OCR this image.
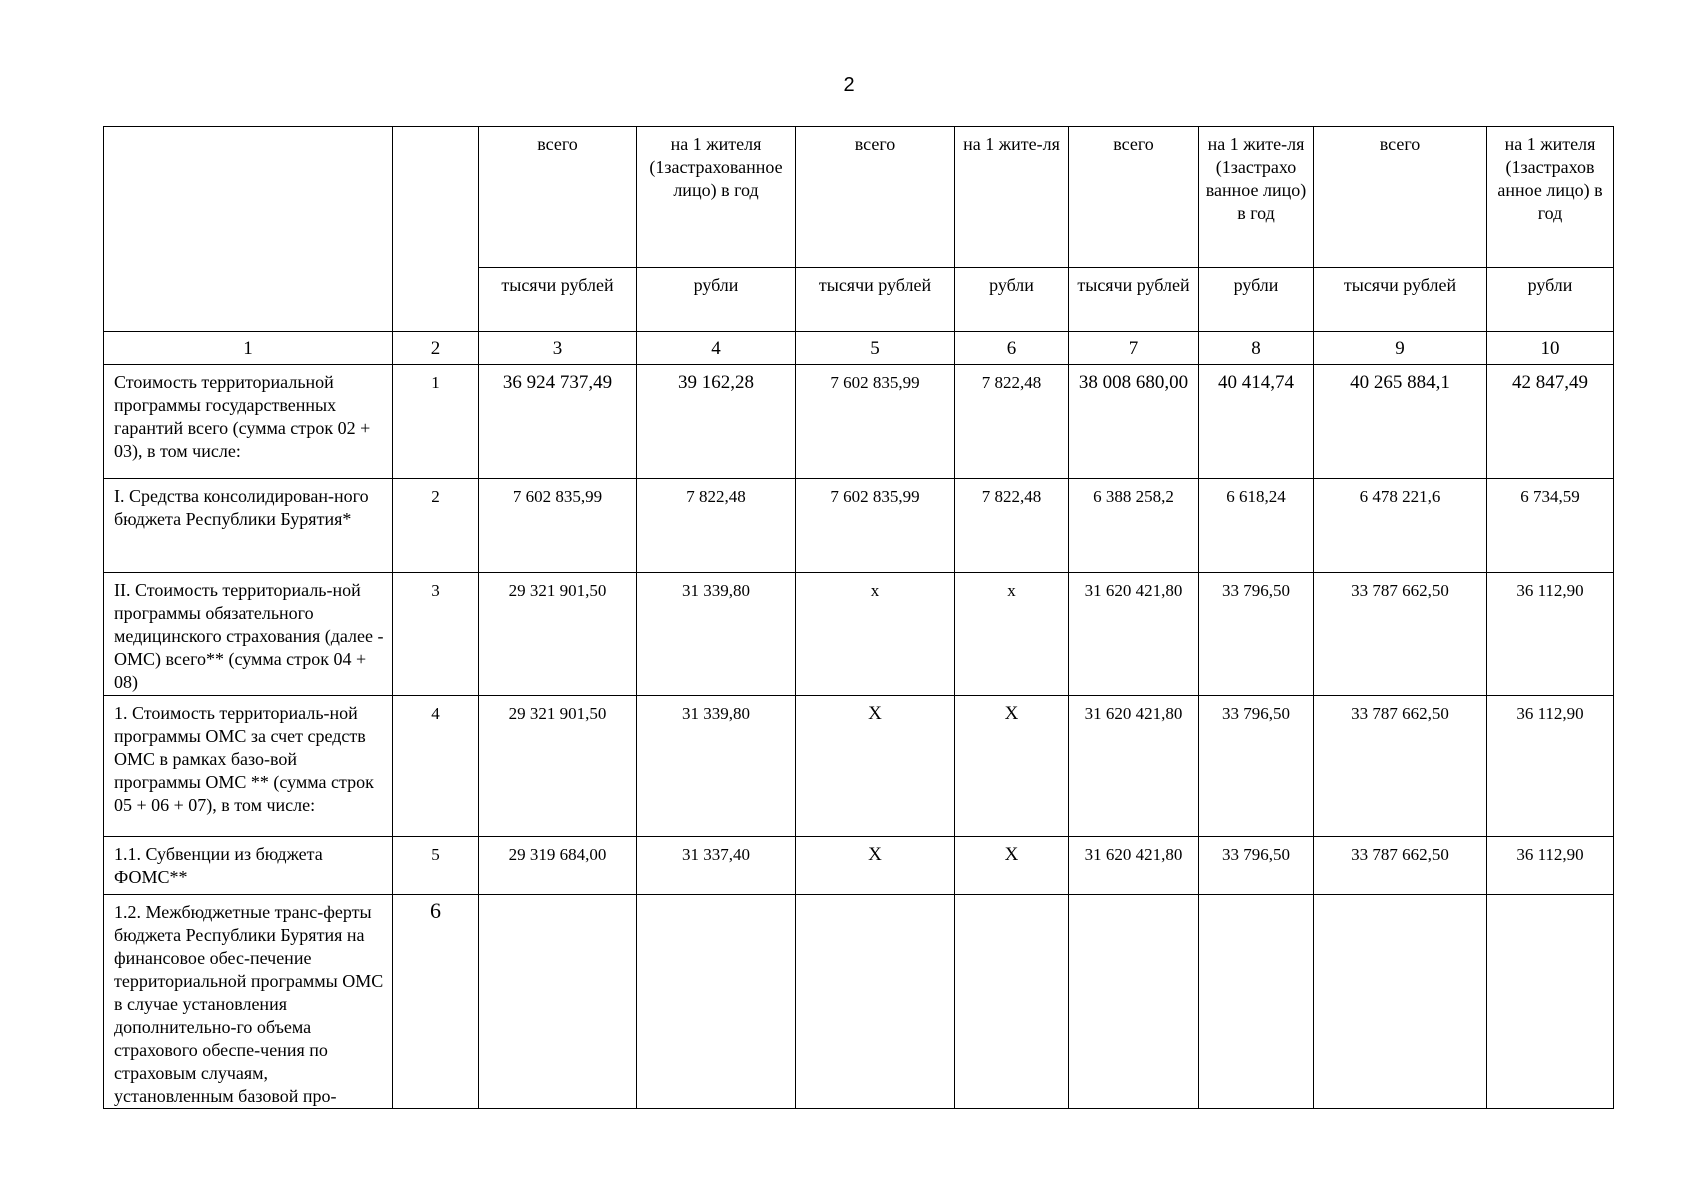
2
		всего	на 1 жителя (1застрахованное лицо) в год	всего	на 1 жите-ля	всего	на 1 жите-ля (1застрахо ванное лицо) в год	всего	на 1 жителя (1застрахов анное лицо) в год
		тысячи рублей	рубли	тысячи рублей	рубли	тысячи рублей	рубли	тысячи рублей	рубли
1	2	3	4	5	6	7	8	9	10
Стоимость территориальной программы государственных гарантий всего (сумма строк 02 + 03), в том числе:	1	36 924 737,49	39 162,28	7 602 835,99	7 822,48	38 008 680,00	40 414,74	40 265 884,1	42 847,49
I. Средства консолидирован-ного бюджета Республики Бурятия*	2	7 602 835,99	7 822,48	7 602 835,99	7 822,48	6 388 258,2	6 618,24	6 478 221,6	6 734,59
II. Стоимость территориаль-ной программы обязательного медицинского страхования (далее - ОМС) всего** (сумма строк 04 + 08)	3	29 321 901,50	31 339,80	х	х	31 620 421,80	33 796,50	33 787 662,50	36 112,90
1. Стоимость территориаль-ной программы ОМС за счет средств ОМС в рамках базо-вой программы ОМС ** (сумма строк 05 + 06 + 07), в том числе:	4	29 321 901,50	31 339,80	Х	Х	31 620 421,80	33 796,50	33 787 662,50	36 112,90
1.1. Субвенции из бюджета ФОМС**	5	29 319 684,00	31 337,40	Х	Х	31 620 421,80	33 796,50	33 787 662,50	36 112,90
1.2. Межбюджетные транс-ферты бюджета Республики Бурятия на финансовое обес-печение территориальной программы ОМС в случае установления дополнительно-го объема страхового обеспе-чения по страховым случаям, установленным базовой про-	6								
